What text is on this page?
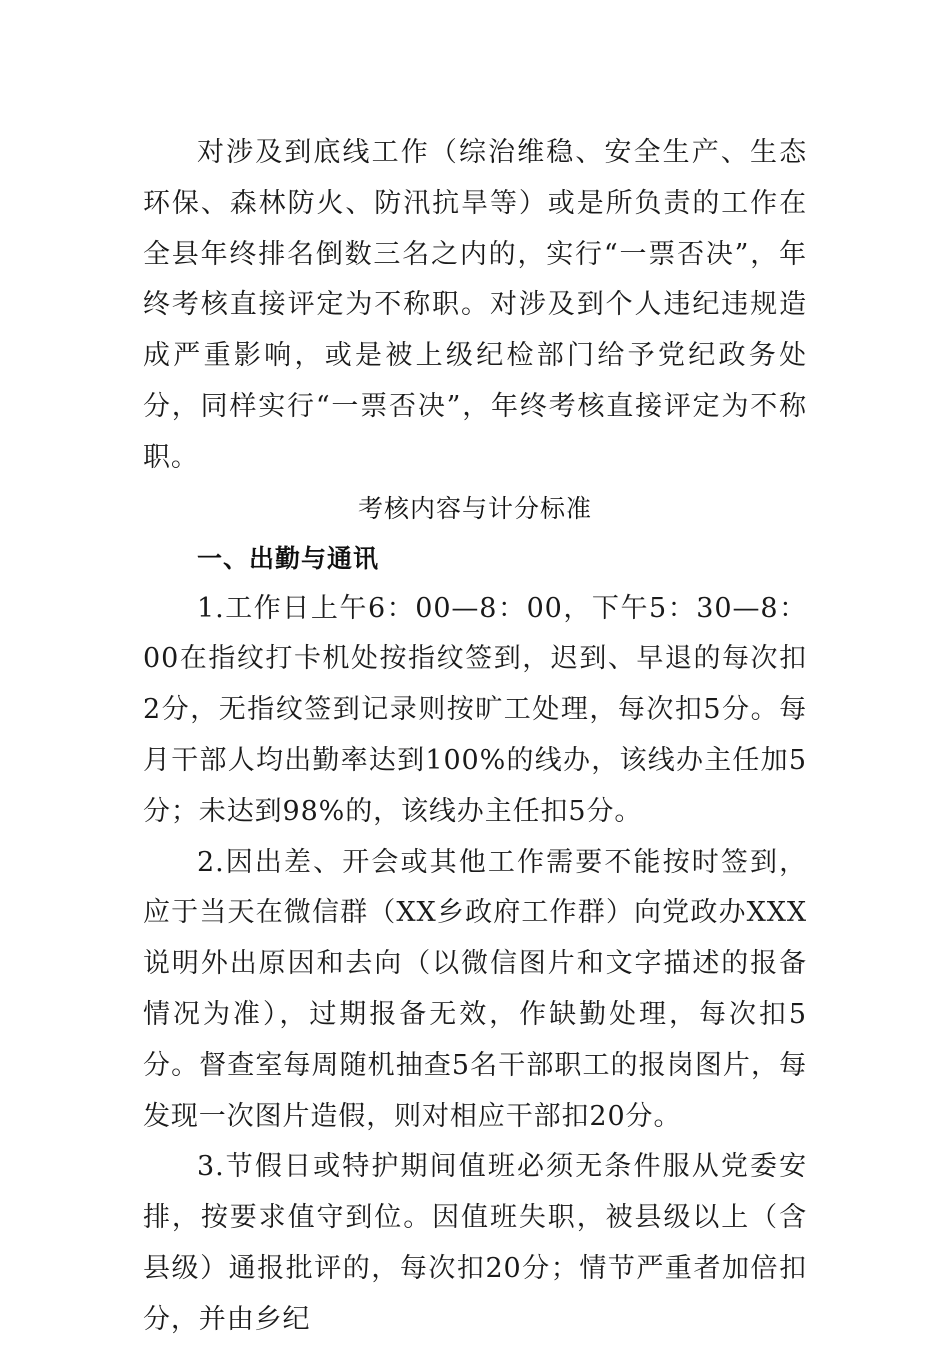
对涉及到底线工作（综治维稳、安全生产、生态环保、森林防火、防汛抗旱等）或是所负责的工作在全县年终排名倒数三名之内的，实行“一票否决”，年终考核直接评定为不称职。对涉及到个人违纪违规造成严重影响，或是被上级纪检部门给予党纪政务处分，同样实行“一票否决”，年终考核直接评定为不称职。

考核内容与计分标准

一、出勤与通讯

1.工作日上午6：00—8：00，下午5：30—8：00在指纹打卡机处按指纹签到，迟到、早退的每次扣2分，无指纹签到记录则按旷工处理，每次扣5分。每月干部人均出勤率达到100%的线办，该线办主任加5分；未达到98%的，该线办主任扣5分。

2.因出差、开会或其他工作需要不能按时签到，应于当天在微信群（XX乡政府工作群）向党政办XXX说明外出原因和去向（以微信图片和文字描述的报备情况为准），过期报备无效，作缺勤处理，每次扣5分。督查室每周随机抽查5名干部职工的报岗图片，每发现一次图片造假，则对相应干部扣20分。

3.节假日或特护期间值班必须无条件服从党委安排，按要求值守到位。因值班失职，被县级以上（含县级）通报批评的，每次扣20分；情节严重者加倍扣分，并由乡纪
